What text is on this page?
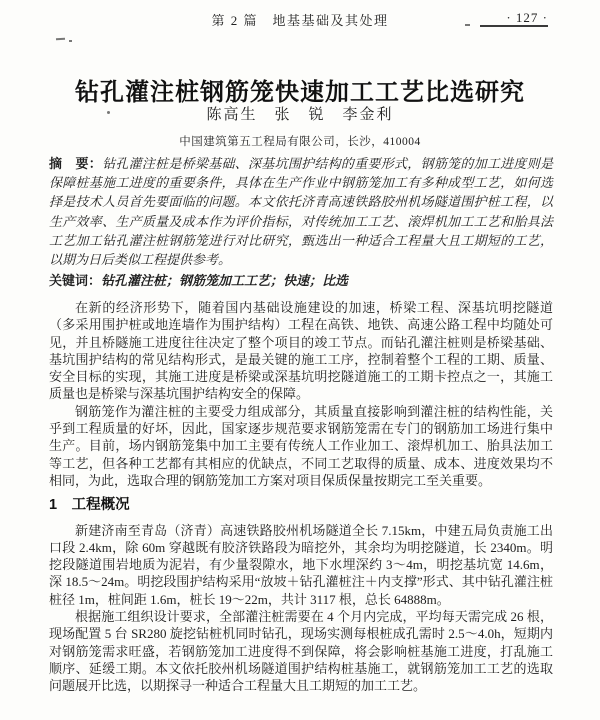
第 2 篇　地基基础及其处理	· 127 ·
钻孔灌注桩钢筋笼快速加工工艺比选研究
陈高生　张　锐　李金利
中国建筑第五工程局有限公司，长沙，410004
摘　要：钻孔灌注桩是桥梁基础、深基坑围护结构的重要形式，钢筋笼的加工进度则是保障桩基施工进度的重要条件，具体在生产作业中钢筋笼加工有多种成型工艺，如何选择是技术人员首先要面临的问题。本文依托济青高速铁路胶州机场隧道围护桩工程，以生产效率、生产质量及成本作为评价指标，对传统加工工艺、滚焊机加工工艺和胎具法工艺加工钻孔灌注桩钢筋笼进行对比研究，甄选出一种适合工程量大且工期短的工艺，以期为日后类似工程提供参考。
关键词：钻孔灌注桩；钢筋笼加工工艺；快速；比选

在新的经济形势下，随着国内基础设施建设的加速，桥梁工程、深基坑明挖隧道（多采用围护桩或地连墙作为围护结构）工程在高铁、地铁、高速公路工程中均随处可见，并且桥隧施工进度往往决定了整个项目的竣工节点。而钻孔灌注桩则是桥梁基础、基坑围护结构的常见结构形式，是最关键的施工工序，控制着整个工程的工期、质量、安全目标的实现，其施工进度是桥梁或深基坑明挖隧道施工的工期卡控点之一，其施工质量也是桥梁与深基坑围护结构安全的保障。

钢筋笼作为灌注桩的主要受力组成部分，其质量直接影响到灌注桩的结构性能，关乎到工程质量的好坏，因此，国家逐步规范要求钢筋笼需在专门的钢筋加工场进行集中生产。目前，场内钢筋笼集中加工主要有传统人工作业加工、滚焊机加工、胎具法加工等工艺，但各种工艺都有其相应的优缺点，不同工艺取得的质量、成本、进度效果均不相同，为此，选取合理的钢筋笼加工方案对项目保质保量按期完工至关重要。

1　工程概况

新建济南至青岛（济青）高速铁路胶州机场隧道全长 7.15km，中建五局负责施工出口段 2.4km，除 60m 穿越既有胶济铁路段为暗挖外，其余均为明挖隧道，长 2340m。明挖段隧道围岩地质为泥岩，有少量裂隙水，地下水埋深约 3～4m，明挖基坑宽 14.6m，深 18.5～24m。明挖段围护结构采用“放坡＋钻孔灌桩注＋内支撑”形式、其中钻孔灌注桩桩径 1m，桩间距 1.6m，桩长 19～22m，共计 3117 根，总长 64888m。

根据施工组织设计要求，全部灌注桩需要在 4 个月内完成，平均每天需完成 26 根，现场配置 5 台 SR280 旋挖钻桩机同时钻孔，现场实测每根桩成孔需时 2.5～4.0h，短期内对钢筋笼需求旺盛，若钢筋笼加工进度得不到保障，将会影响桩基施工进度，打乱施工顺序、延缓工期。本文依托胶州机场隧道围护结构桩基施工，就钢筋笼加工工艺的选取问题展开比选，以期探寻一种适合工程量大且工期短的加工工艺。
